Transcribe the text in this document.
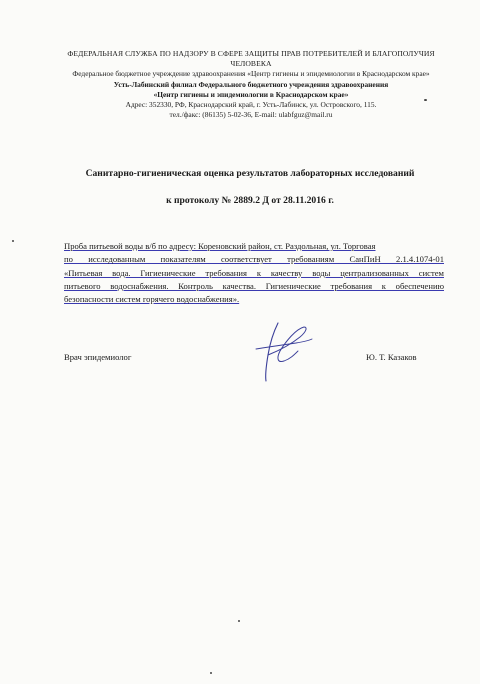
ФЕДЕРАЛЬНАЯ СЛУЖБА ПО НАДЗОРУ В СФЕРЕ ЗАЩИТЫ ПРАВ ПОТРЕБИТЕЛЕЙ И БЛАГОПОЛУЧИЯ ЧЕЛОВЕКА
Федеральное бюджетное учреждение здравоохранения «Центр гигиены и эпидемиологии в Краснодарском крае»
Усть-Лабинский филиал Федерального бюджетного учреждения здравоохранения
«Центр гигиены и эпидемиологии в Краснодарском крае»
Адрес: 352330, РФ, Краснодарский край, г. Усть-Лабинск, ул. Островского, 115.
тел./факс: (86135) 5-02-36, E-mail: ulabfguz@mail.ru
Санитарно-гигиеническая оценка результатов лабораторных исследований
к протоколу № 2889.2 Д от 28.11.2016 г.
Проба питьевой воды в/б по адресу: Кореновский район, ст. Раздольная, ул. Торговая
по исследованным показателям соответствует требованиям СанПиН 2.1.4.1074-01
«Питьевая вода. Гигиенические требования к качеству воды централизованных систем
питьевого водоснабжения. Контроль качества. Гигиенические требования к обеспечению
безопасности систем горячего водоснабжения».
Врач эпидемиолог	Ю. Т. Казаков
